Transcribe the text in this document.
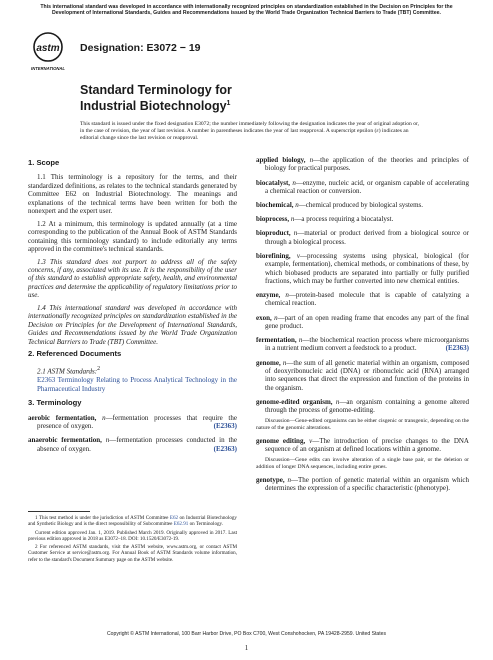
This international standard was developed in accordance with internationally recognized principles on standardization established in the Decision on Principles for the Development of International Standards, Guides and Recommendations issued by the World Trade Organization Technical Barriers to Trade (TBT) Committee.
astm
INTERNATIONAL
Designation: E3072 − 19
Standard Terminology for
Industrial Biotechnology$^1$
This standard is issued under the fixed designation E3072; the number immediately following the designation indicates the year of original adoption or, in the case of revision, the year of last revision. A number in parentheses indicates the year of last reapproval. A superscript epsilon (ε) indicates an editorial change since the last revision or reapproval.
1. Scope

1.1 This terminology is a repository for the terms, and their standardized definitions, as relates to the technical standards generated by Committee E62 on Industrial Biotechnology. The meanings and explanations of the technical terms have been written for both the nonexpert and the expert user.

1.2 At a minimum, this terminology is updated annually (at a time corresponding to the publication of the Annual Book of ASTM Standards containing this terminology standard) to include editorially any terms approved in the committee's technical standards.

1.3 This standard does not purport to address all of the safety concerns, if any, associated with its use. It is the responsibility of the user of this standard to establish appropriate safety, health, and environmental practices and determine the applicability of regulatory limitations prior to use.

1.4 This international standard was developed in accordance with internationally recognized principles on standardization established in the Decision on Principles for the Development of International Standards, Guides and Recommendations issued by the World Trade Organization Technical Barriers to Trade (TBT) Committee.

2. Referenced Documents

2.1 ASTM Standards:$^2$

E2363 Terminology Relating to Process Analytical Technology in the Pharmaceutical Industry

3. Terminology

aerobic fermentation, n—fermentation processes that require the presence of oxygen.	(E2363)

anaerobic fermentation, n—fermentation processes conducted in the absence of oxygen.	(E2363)

1 This test method is under the jurisdiction of ASTM Committee E62 on Industrial Biotechnology and Synthetic Biology and is the direct responsibility of Subcommittee E62.91 on Terminology.

Current edition approved Jan. 1, 2019. Published March 2019. Originally approved in 2017. Last previous edition approved in 2018 as E3072–18. DOI: 10.1520/E3072-19.

2 For referenced ASTM standards, visit the ASTM website, www.astm.org, or contact ASTM Customer Service at service@astm.org. For Annual Book of ASTM Standards volume information, refer to the standard's Document Summary page on the ASTM website.

applied biology, n—the application of the theories and principles of biology for practical purposes.

biocatalyst, n—enzyme, nucleic acid, or organism capable of accelerating a chemical reaction or conversion.

biochemical, n—chemical produced by biological systems.

bioprocess, n—a process requiring a biocatalyst.

bioproduct, n—material or product derived from a biological source or through a biological process.

biorefining, v—processing systems using physical, biological (for example, fermentation), chemical methods, or combinations of these, by which biobased products are separated into partially or fully purified fractions, which may be further converted into new chemical entities.

enzyme, n—protein-based molecule that is capable of catalyzing a chemical reaction.

exon, n—part of an open reading frame that encodes any part of the final gene product.

fermentation, n—the biochemical reaction process where microorganisms in a nutrient medium convert a feedstock to a product.	(E2363)

genome, n—the sum of all genetic material within an organism, composed of deoxyribonucleic acid (DNA) or ribonucleic acid (RNA) arranged into sequences that direct the expression and function of the proteins in the organism.

genome-edited organism, n—an organism containing a genome altered through the process of genome-editing.

Discussion—Gene-edited organisms can be either cisgenic or transgenic, depending on the nature of the genomic alterations.

genome editing, v—The introduction of precise changes to the DNA sequence of an organism at defined locations within a genome.

Discussion—Gene edits can involve alteration of a single base pair, or the deletion or addition of longer DNA sequences, including entire genes.

genotype, n—The portion of genetic material within an organism which determines the expression of a specific characteristic (phenotype).

Copyright © ASTM International, 100 Barr Harbor Drive, PO Box C700, West Conshohocken, PA 19428-2959. United States
1
